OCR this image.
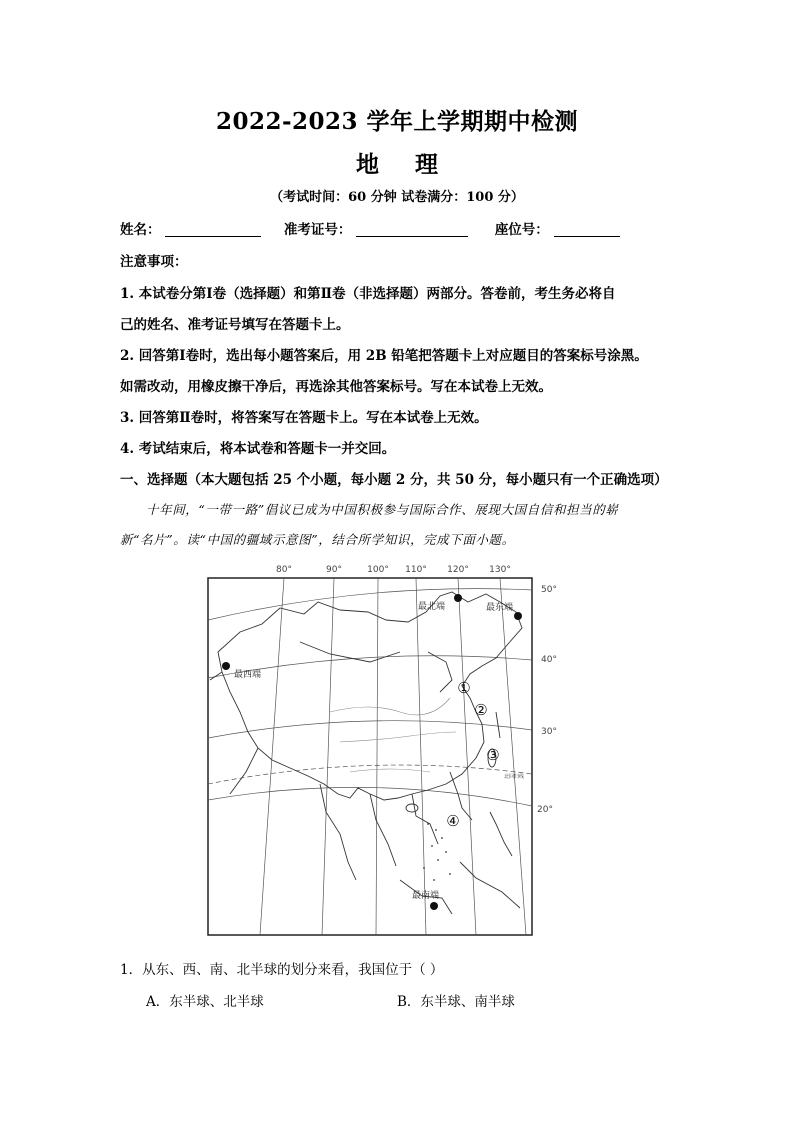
2022-2023 学年上学期期中检测
地 理
（考试时间：60 分钟 试卷满分：100 分）
姓名：	准考证号：	座位号：
注意事项：
1. 本试卷分第Ⅰ卷（选择题）和第Ⅱ卷（非选择题）两部分。答卷前，考生务必将自
己的姓名、准考证号填写在答题卡上。
2. 回答第Ⅰ卷时，选出每小题答案后，用 2B 铅笔把答题卡上对应题目的答案标号涂黑。
如需改动，用橡皮擦干净后，再选涂其他答案标号。写在本试卷上无效。
3. 回答第Ⅱ卷时，将答案写在答题卡上。写在本试卷上无效。
4. 考试结束后，将本试卷和答题卡一并交回。
一、选择题（本大题包括 25 个小题，每小题 2 分，共 50 分，每小题只有一个正确选项）
十年间，“一带一路”倡议已成为中国积极参与国际合作、展现大国自信和担当的崭
新“名片”。读“中国的疆域示意图”，结合所学知识，完成下面小题。
80°	90°	100° 110° 120° 130°
最北端	最东端
最西端
最南端
①
②
③
④
北回归线
50°
40°
30°
20°
1．从东、西、南、北半球的划分来看，我国位于（ ）
A．东半球、北半球	B．东半球、南半球
